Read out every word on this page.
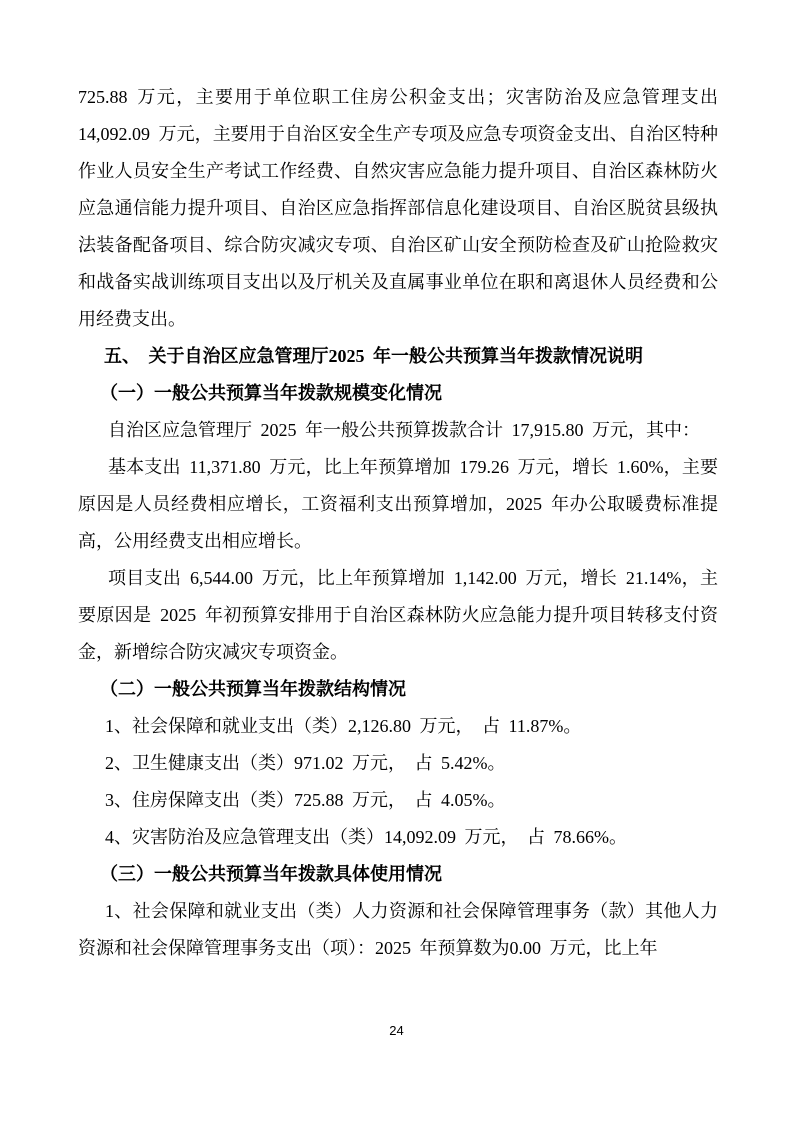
725.88 万元，主要用于单位职工住房公积金支出；灾害防治及应急管理支出 14,092.09 万元，主要用于自治区安全生产专项及应急专项资金支出、自治区特种作业人员安全生产考试工作经费、自然灾害应急能力提升项目、自治区森林防火应急通信能力提升项目、自治区应急指挥部信息化建设项目、自治区脱贫县级执法装备配备项目、综合防灾减灾专项、自治区矿山安全预防检查及矿山抢险救灾和战备实战训练项目支出以及厅机关及直属事业单位在职和离退休人员经费和公用经费支出。

五、 关于自治区应急管理厅2025 年一般公共预算当年拨款情况说明

（一）一般公共预算当年拨款规模变化情况

自治区应急管理厅 2025 年一般公共预算拨款合计 17,915.80 万元，其中：

基本支出 11,371.80 万元，比上年预算增加 179.26 万元，增长 1.60%，主要原因是人员经费相应增长，工资福利支出预算增加，2025 年办公取暖费标准提高，公用经费支出相应增长。

项目支出 6,544.00 万元，比上年预算增加 1,142.00 万元，增长 21.14%，主要原因是 2025 年初预算安排用于自治区森林防火应急能力提升项目转移支付资金，新增综合防灾减灾专项资金。

（二）一般公共预算当年拨款结构情况

1、社会保障和就业支出（类）2,126.80 万元， 占 11.87%。

2、卫生健康支出（类）971.02 万元， 占 5.42%。

3、住房保障支出（类）725.88 万元， 占 4.05%。

4、灾害防治及应急管理支出（类）14,092.09 万元， 占 78.66%。

（三）一般公共预算当年拨款具体使用情况

1、社会保障和就业支出（类）人力资源和社会保障管理事务（款）其他人力资源和社会保障管理事务支出（项）：2025 年预算数为0.00 万元，比上年

24
